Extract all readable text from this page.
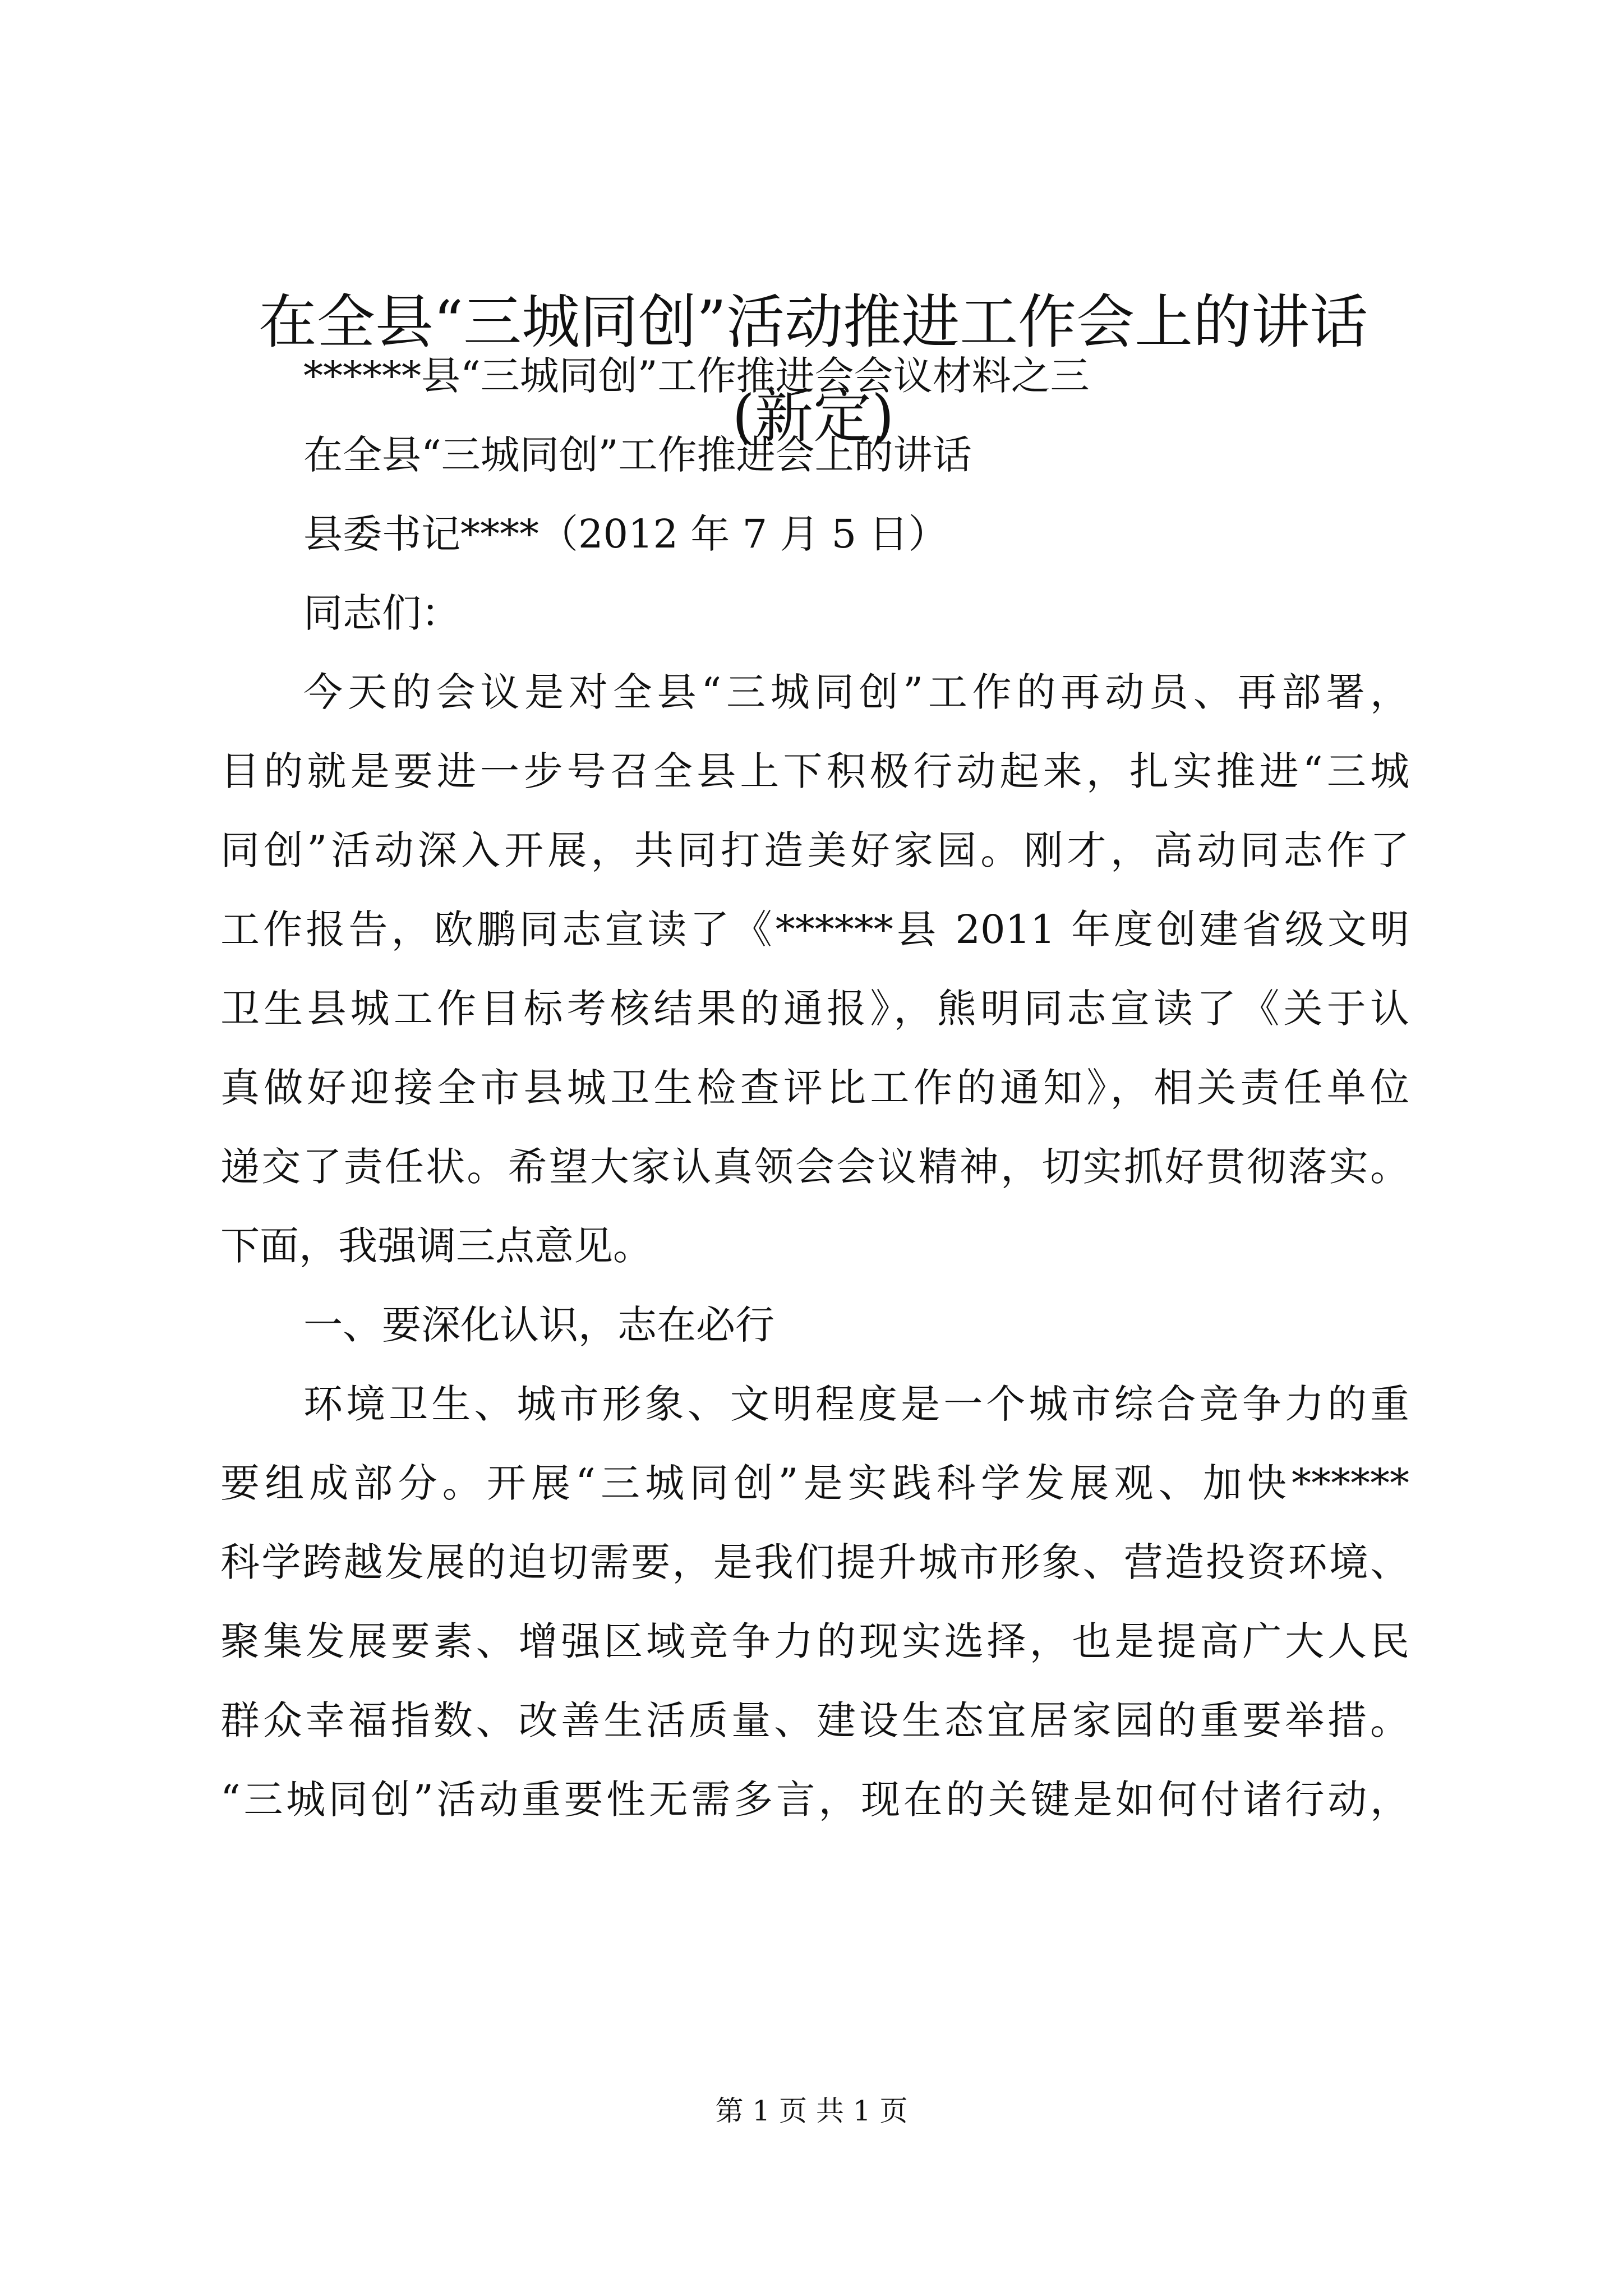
在全县“三城同创”活动推进工作会上的讲话
(新定)
******县“三城同创”工作推进会会议材料之三
在全县“三城同创”工作推进会上的讲话
县委书记****（2012 年 7 月 5 日）
同志们：
今天的会议是对全县“三城同创”工作的再动员、再部署，
目的就是要进一步号召全县上下积极行动起来，扎实推进“三城
同创”活动深入开展，共同打造美好家园。刚才，高动同志作了
工作报告，欧鹏同志宣读了《******县 2011 年度创建省级文明
卫生县城工作目标考核结果的通报》，熊明同志宣读了《关于认
真做好迎接全市县城卫生检查评比工作的通知》，相关责任单位
递交了责任状。希望大家认真领会会议精神，切实抓好贯彻落实。
下面，我强调三点意见。
一、要深化认识，志在必行
环境卫生、城市形象、文明程度是一个城市综合竞争力的重
要组成部分。开展“三城同创”是实践科学发展观、加快******
科学跨越发展的迫切需要，是我们提升城市形象、营造投资环境、
聚集发展要素、增强区域竞争力的现实选择，也是提高广大人民
群众幸福指数、改善生活质量、建设生态宜居家园的重要举措。
“三城同创”活动重要性无需多言，现在的关键是如何付诸行动，
第 1 页 共 1 页
